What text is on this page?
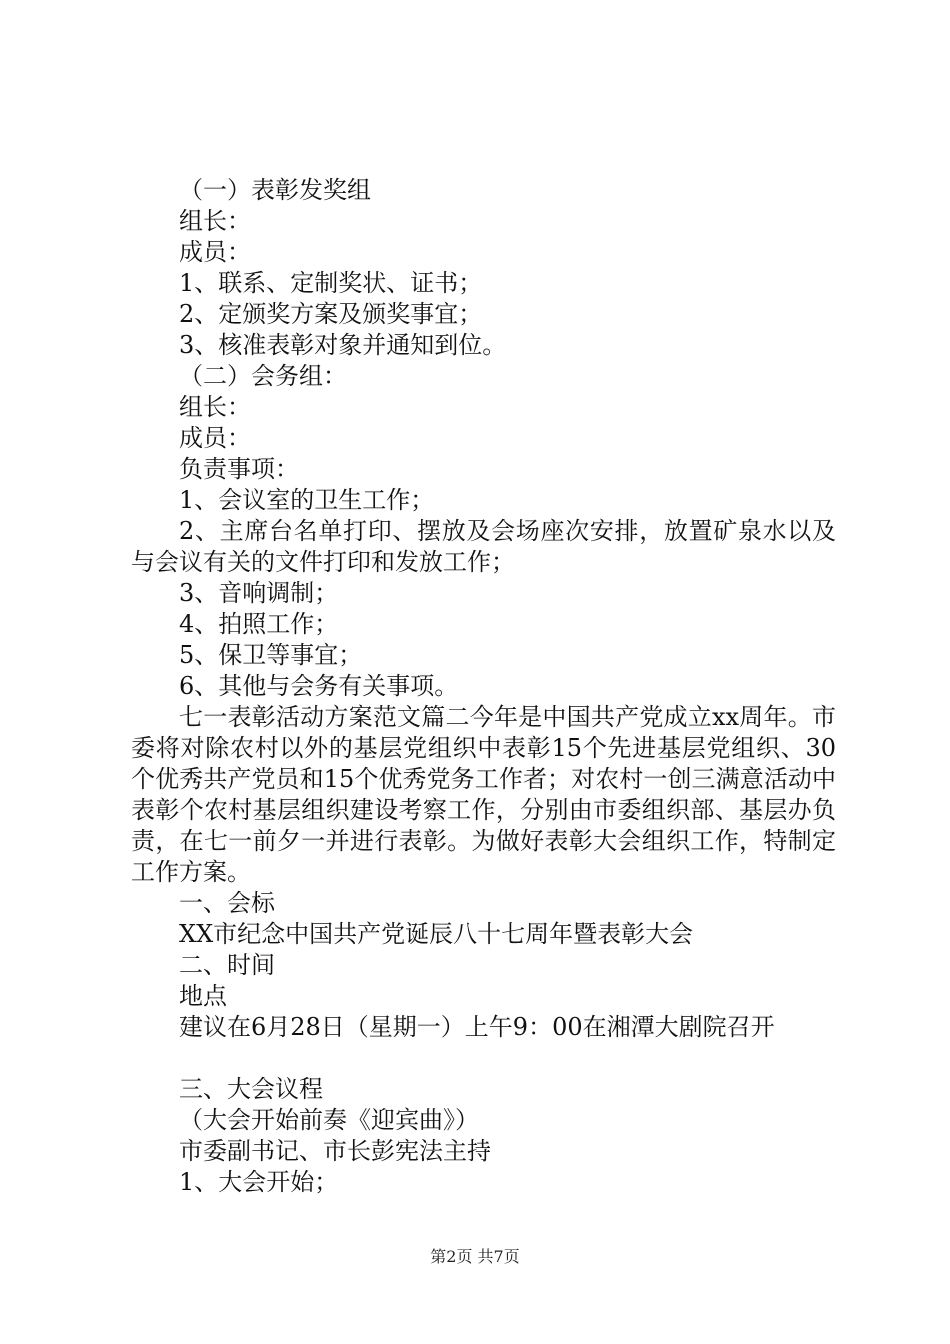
（一）表彰发奖组
组长：
成员：
1、联系、定制奖状、证书；
2、定颁奖方案及颁奖事宜；
3、核准表彰对象并通知到位。
（二）会务组：
组长：
成员：
负责事项：
1、会议室的卫生工作；
2、主席台名单打印、摆放及会场座次安排，放置矿泉水以及与会议有关的文件打印和发放工作；
3、音响调制；
4、拍照工作；
5、保卫等事宜；
6、其他与会务有关事项。
七一表彰活动方案范文篇二今年是中国共产党成立xx周年。市委将对除农村以外的基层党组织中表彰15个先进基层党组织、30个优秀共产党员和15个优秀党务工作者；对农村一创三满意活动中表彰个农村基层组织建设考察工作，分别由市委组织部、基层办负责，在七一前夕一并进行表彰。为做好表彰大会组织工作，特制定工作方案。
一、会标
XX市纪念中国共产党诞辰八十七周年暨表彰大会
二、时间
地点
建议在6月28日（星期一）上午9：00在湘潭大剧院召开
三、大会议程
（大会开始前奏《迎宾曲》）
市委副书记、市长彭宪法主持
1、大会开始；
第2页 共7页
